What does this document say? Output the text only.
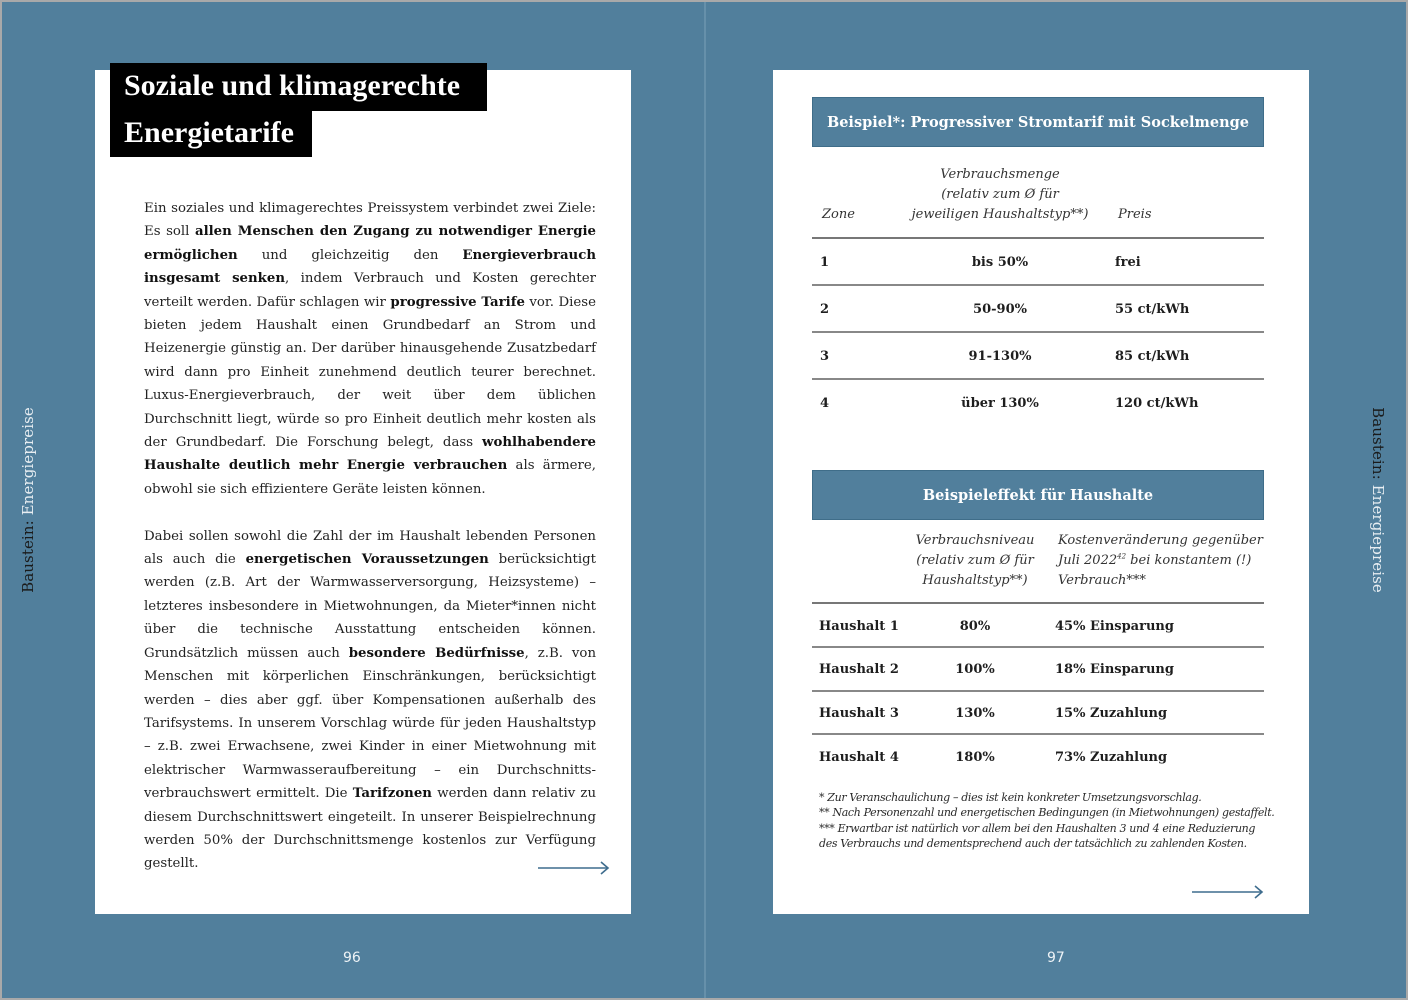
Baustein: Energiepreise	Baustein: Energiepreise
96	97
Soziale und klimagerechte
Energietarife

Ein soziales und klimagerechtes Preissystem verbindet zwei Ziele: Es soll allen Menschen den Zugang zu notwendiger Energie ermöglichen und gleichzeitig den Energieverbrauch insgesamt senken, indem Verbrauch und Kosten gerechter verteilt werden. Dafür schlagen wir progressive Tarife vor. Diese bieten jedem Haushalt einen Grundbedarf an Strom und Heizenergie günstig an. Der darüber hinausgehende Zusatzbedarf wird dann pro Einheit zunehmend deutlich teurer berechnet. Luxus-Energieverbrauch, der weit über dem üblichen Durchschnitt liegt, würde so pro Einheit deutlich mehr kosten als der Grundbedarf. Die Forschung belegt, dass wohlhabendere Haushalte deutlich mehr Energie verbrauchen als ärmere, obwohl sie sich effizientere Geräte leisten können.

Dabei sollen sowohl die Zahl der im Haushalt lebenden Personen als auch die energetischen Voraussetzungen berücksichtigt werden (z.B. Art der Warmwasserversorgung, Heizsysteme) – letzteres insbesondere in Mietwohnungen, da Mieter*innen nicht über die technische Ausstattung entscheiden können. Grundsätzlich müssen auch besondere Bedürfnisse, z.B. von Menschen mit körperlichen Einschränkungen, berücksichtigt werden – dies aber ggf. über Kompensationen außerhalb des Tarifsystems. In unserem Vorschlag würde für jeden Haushaltstyp – z.B. zwei Erwachsene, zwei Kinder in einer Mietwohnung mit elektrischer Warmwasseraufbereitung – ein Durchschnittsverbrauchswert ermittelt. Die Tarifzonen werden dann relativ zu diesem Durchschnittswert eingeteilt. In unserer Beispielrechnung werden 50% der Durchschnittsmenge kostenlos zur Verfügung gestellt.

Beispiel*: Progressiver Stromtarif mit Sockelmenge
Zone
Verbrauchsmenge
(relativ zum Ø für
jeweiligen Haushaltstyp**)	Preis
1	bis 50%	frei
2	50-90%	55 ct/kWh
3	91-130%	85 ct/kWh
4	über 130%	120 ct/kWh
Beispieleffekt für Haushalte
Verbrauchsniveau
(relativ zum Ø für
Haushaltstyp**)
Kostenveränderung gegenüber
Juli 2022$^{42}$ bei konstantem (!)
Verbrauch***
Haushalt 1	80%	45% Einsparung
Haushalt 2	100%	18% Einsparung
Haushalt 3	130%	15% Zuzahlung
Haushalt 4	180%	73% Zuzahlung
* Zur Veranschaulichung – dies ist kein konkreter Umsetzungsvorschlag.
** Nach Personenzahl und energetischen Bedingungen (in Mietwohnungen) gestaffelt.
*** Erwartbar ist natürlich vor allem bei den Haushalten 3 und 4 eine Reduzierung
des Verbrauchs und dementsprechend auch der tatsächlich zu zahlenden Kosten.
